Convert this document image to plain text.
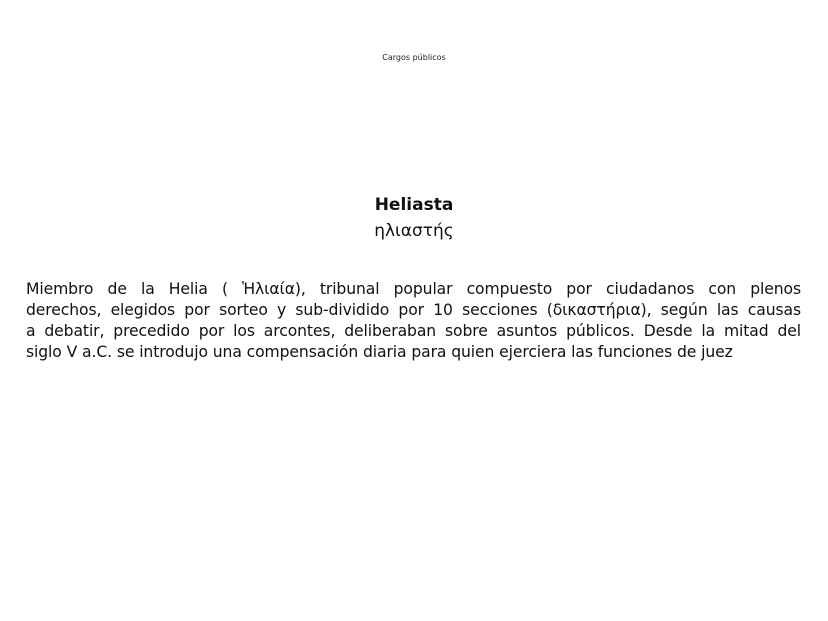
Cargos públicos
Heliasta
ηλιαστής
Miembro de la Helia ( Ἡλιαία), tribunal popular compuesto por ciudadanos con plenos
derechos, elegidos por sorteo y sub-dividido por 10 secciones (δικαστήρια), según las causas
a debatir, precedido por los arcontes, deliberaban sobre asuntos públicos. Desde la mitad del
siglo V a.C. se introdujo una compensación diaria para quien ejerciera las funciones de juez
